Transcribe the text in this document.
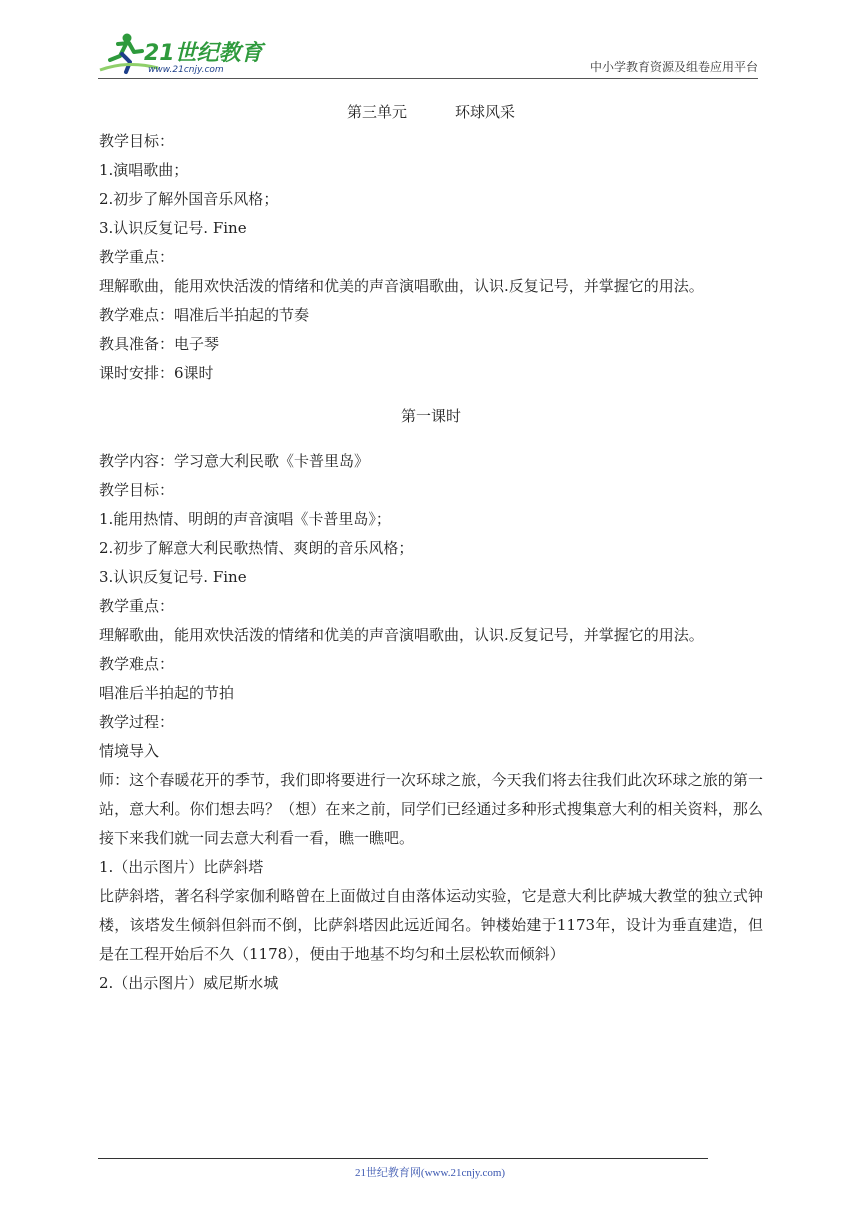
21世纪教育
www.21cnjy.com	中小学教育资源及组卷应用平台
第三单元	环球风采
教学目标：
1.演唱歌曲；
2.初步了解外国音乐风格；
3.认识反复记号. Fine
教学重点：
理解歌曲，能用欢快活泼的情绪和优美的声音演唱歌曲，认识.反复记号，并掌握它的用法。
教学难点：唱准后半拍起的节奏
教具准备：电子琴
课时安排：6课时
第一课时
教学内容：学习意大利民歌《卡普里岛》
教学目标：
1.能用热情、明朗的声音演唱《卡普里岛》；
2.初步了解意大利民歌热情、爽朗的音乐风格；
3.认识反复记号. Fine
教学重点：
理解歌曲，能用欢快活泼的情绪和优美的声音演唱歌曲，认识.反复记号，并掌握它的用法。
教学难点：
唱准后半拍起的节拍
教学过程：
情境导入
师：这个春暖花开的季节，我们即将要进行一次环球之旅，今天我们将去往我们此次环球之旅的第一站，意大利。你们想去吗？（想）在来之前，同学们已经通过多种形式搜集意大利的相关资料，那么接下来我们就一同去意大利看一看，瞧一瞧吧。
1.（出示图片）比萨斜塔
比萨斜塔，著名科学家伽利略曾在上面做过自由落体运动实验，它是意大利比萨城大教堂的独立式钟楼，该塔发生倾斜但斜而不倒，比萨斜塔因此远近闻名。钟楼始建于1173年，设计为垂直建造，但是在工程开始后不久（1178），便由于地基不均匀和土层松软而倾斜）
2.（出示图片）威尼斯水城
21世纪教育网(www.21cnjy.com)
